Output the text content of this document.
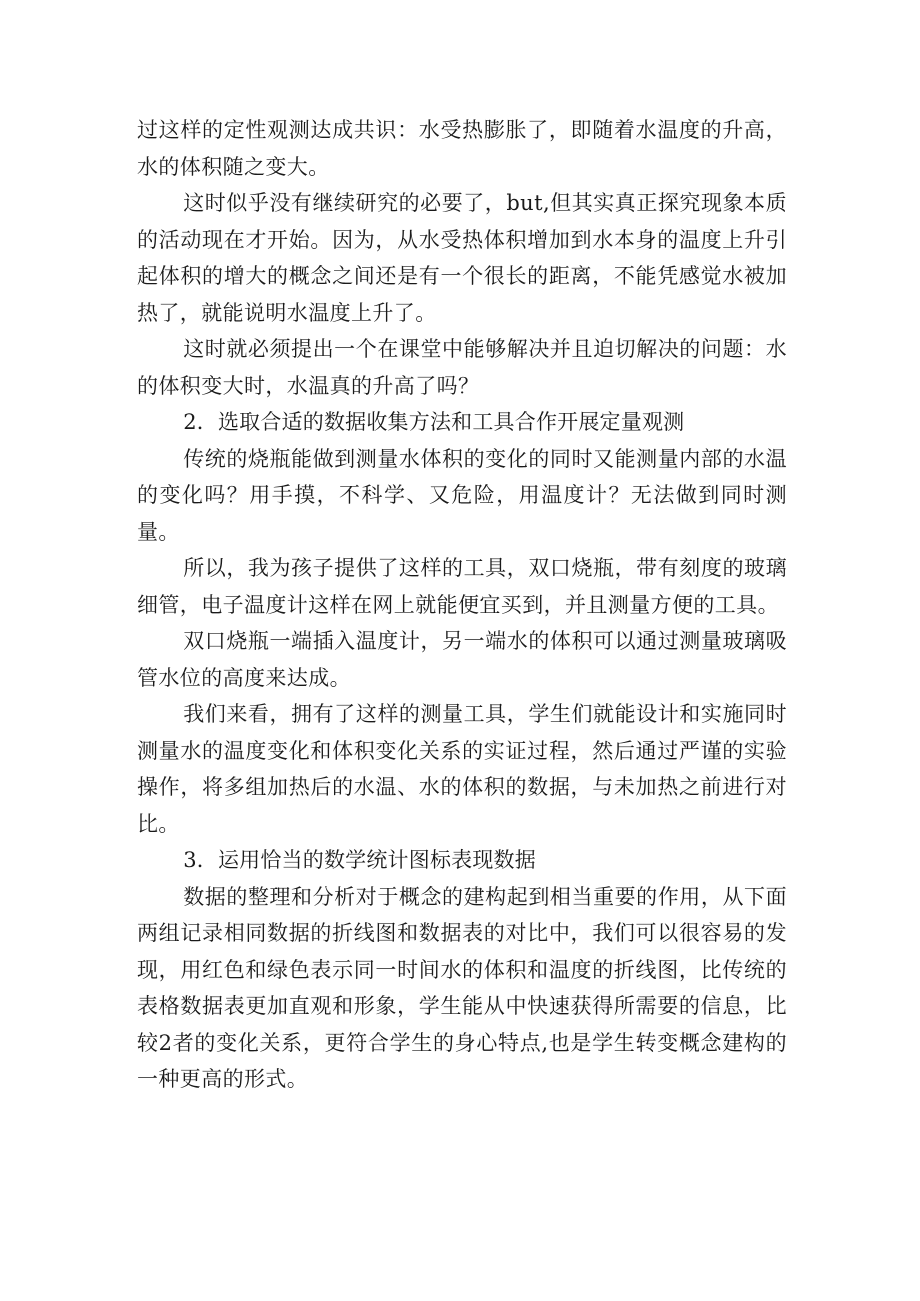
过这样的定性观测达成共识：水受热膨胀了，即随着水温度的升高，水的体积随之变大。

这时似乎没有继续研究的必要了，but,但其实真正探究现象本质的活动现在才开始。因为，从水受热体积增加到水本身的温度上升引起体积的增大的概念之间还是有一个很长的距离，不能凭感觉水被加热了，就能说明水温度上升了。

这时就必须提出一个在课堂中能够解决并且迫切解决的问题：水的体积变大时，水温真的升高了吗？

2．选取合适的数据收集方法和工具合作开展定量观测

传统的烧瓶能做到测量水体积的变化的同时又能测量内部的水温的变化吗？用手摸，不科学、又危险，用温度计？无法做到同时测量。

所以，我为孩子提供了这样的工具，双口烧瓶，带有刻度的玻璃细管，电子温度计这样在网上就能便宜买到，并且测量方便的工具。

双口烧瓶一端插入温度计，另一端水的体积可以通过测量玻璃吸管水位的高度来达成。

我们来看，拥有了这样的测量工具，学生们就能设计和实施同时测量水的温度变化和体积变化关系的实证过程，然后通过严谨的实验操作，将多组加热后的水温、水的体积的数据，与未加热之前进行对比。

3．运用恰当的数学统计图标表现数据

数据的整理和分析对于概念的建构起到相当重要的作用，从下面两组记录相同数据的折线图和数据表的对比中，我们可以很容易的发现，用红色和绿色表示同一时间水的体积和温度的折线图，比传统的表格数据表更加直观和形象，学生能从中快速获得所需要的信息，比较2者的变化关系，更符合学生的身心特点,也是学生转变概念建构的一种更高的形式。
